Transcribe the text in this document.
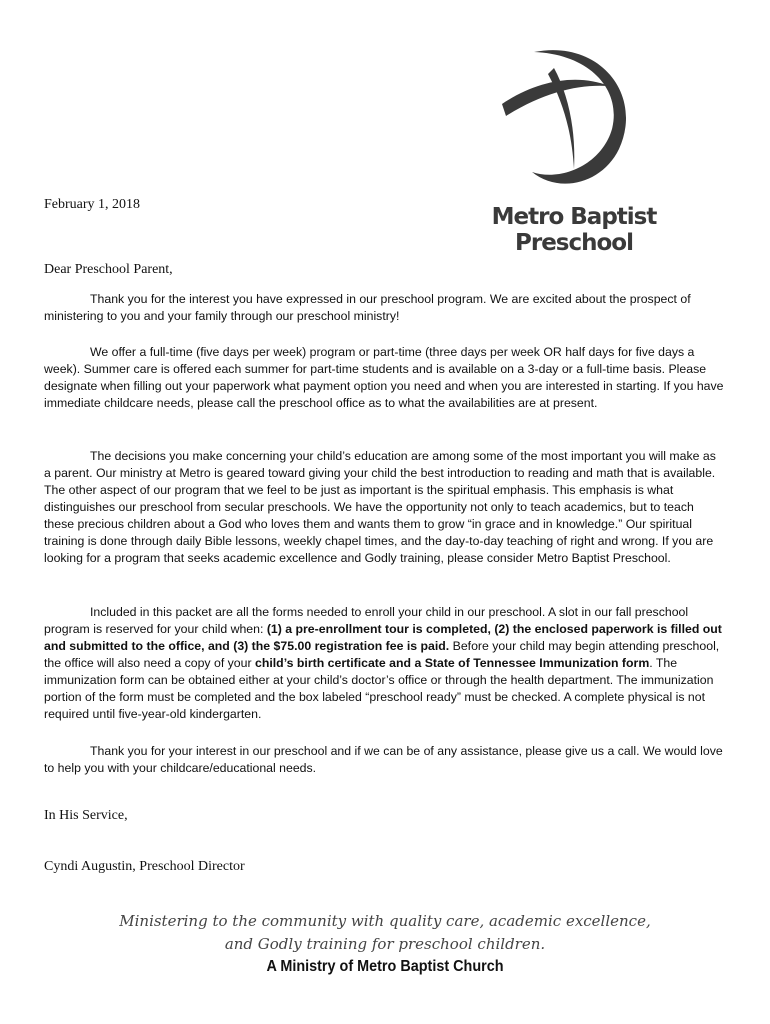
Metro Baptist
Preschool
February 1, 2018
Dear Preschool Parent,

Thank you for the interest you have expressed in our preschool program. We are excited about the prospect of ministering to you and your family through our preschool ministry!

We offer a full-time (five days per week) program or part-time (three days per week OR half days for five days a week). Summer care is offered each summer for part-time students and is available on a 3-day or a full-time basis. Please designate when filling out your paperwork what payment option you need and when you are interested in starting. If you have immediate childcare needs, please call the preschool office as to what the availabilities are at present.

The decisions you make concerning your child’s education are among some of the most important you will make as a parent. Our ministry at Metro is geared toward giving your child the best introduction to reading and math that is available. The other aspect of our program that we feel to be just as important is the spiritual emphasis. This emphasis is what distinguishes our preschool from secular preschools. We have the opportunity not only to teach academics, but to teach these precious children about a God who loves them and wants them to grow “in grace and in knowledge.” Our spiritual training is done through daily Bible lessons, weekly chapel times, and the day-to-day teaching of right and wrong. If you are looking for a program that seeks academic excellence and Godly training, please consider Metro Baptist Preschool.

Included in this packet are all the forms needed to enroll your child in our preschool. A slot in our fall preschool program is reserved for your child when: (1) a pre-enrollment tour is completed, (2) the enclosed paperwork is filled out and submitted to the office, and (3) the $75.00 registration fee is paid. Before your child may begin attending preschool, the office will also need a copy of your child’s birth certificate and a State of Tennessee Immunization form. The immunization form can be obtained either at your child’s doctor’s office or through the health department. The immunization portion of the form must be completed and the box labeled “preschool ready” must be checked. A complete physical is not required until five-year-old kindergarten.

Thank you for your interest in our preschool and if we can be of any assistance, please give us a call. We would love to help you with your childcare/educational needs.

In His Service,
Cyndi Augustin, Preschool Director
Ministering to the community with quality care, academic excellence,
and Godly training for preschool children.
A Ministry of Metro Baptist Church
